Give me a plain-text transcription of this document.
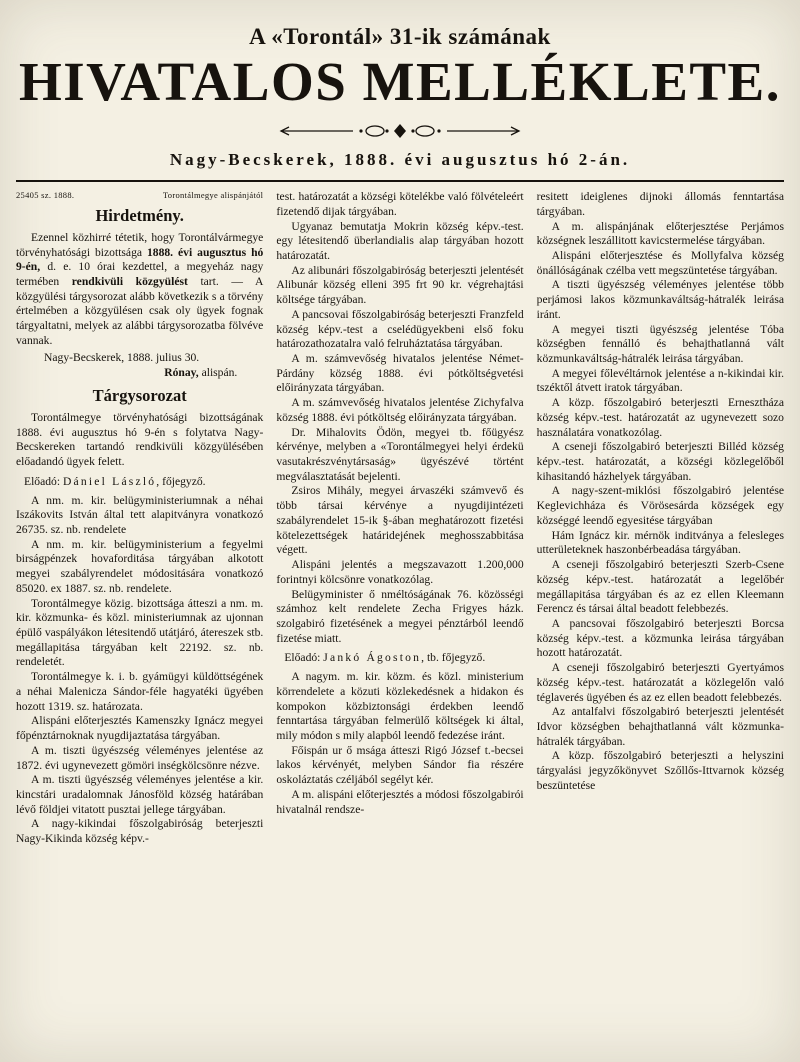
A «Torontál» 31-ik számának
HIVATALOS MELLÉKLETE.
Nagy-Becskerek, 1888. évi augusztus hó 2-án.
25405 sz. 1888.	Torontálmegye alispánjától
Hirdetmény.

Ezennel közhirré tétetik, hogy Torontálvármegye törvényhatósági bizottsága 1888. évi augusztus hó 9-én, d. e. 10 órai kezdettel, a megyeház nagy termében rendkivüli közgyülést tart. — A közgyülési tárgysorozat alább következik s a törvény értelmében a közgyülésen csak oly ügyek fognak tárgyaltatni, melyek az alábbi tárgysorozatba fölvéve vannak.

Nagy-Becskerek, 1888. julius 30.

Rónay, alispán.

Tárgysorozat

Torontálmegye törvényhatósági bizottságának 1888. évi augusztus hó 9-én s folytatva Nagy-Becskereken tartandó rendkivüli közgyülésében előadandó ügyek felett.

Előadó: Dániel László, főjegyző.

A nm. m. kir. belügyministeriumnak a néhai Iszákovits István által tett alapitványra vonatkozó 26735. sz. nb. rendelete

A nm. m. kir. belügyministerium a fegyelmi birságpénzek hovaforditása tárgyában alkotott megyei szabályrendelet módositására vonatkozó 85020. ex 1887. sz. nb. rendelete.

Torontálmegye közig. bizottsága átteszi a nm. m. kir. közmunka- és közl. ministeriumnak az ujonnan épülő vaspályákon létesitendő utátjáró, átereszek stb. megállapitása tárgyában kelt 22192. sz. nb. rendeletét.

Torontálmegye k. i. b. gyámügyi küldöttségének a néhai Malenicza Sándor-féle hagyatéki ügyében hozott 1319. sz. határozata.

Alispáni előterjesztés Kamenszky Ignácz megyei főpénztárnoknak nyugdijaztatása tárgyában.

A m. tiszti ügyészség véleményes jelentése az 1872. évi ugynevezett gömöri inségkölcsönre nézve.

A m. tiszti ügyészség véleményes jelentése a kir. kincstári uradalomnak Jánosföld község határában lévő földjei vitatott pusztai jellege tárgyában.

A nagy-kikindai főszolgabiróság beterjeszti Nagy-Kikinda község képv.-

test. határozatát a községi kötelékbe való fölvételeért fizetendő dijak tárgyában.

Ugyanaz bemutatja Mokrin község képv.-test. egy létesitendő überlandialis alap tárgyában hozott határozatát.

Az alibunári főszolgabiróság beterjeszti jelentését Alibunár község elleni 395 frt 90 kr. végrehajtási költsége tárgyában.

A pancsovai főszolgabiróság beterjeszti Franzfeld község képv.-test a cselédügyekbeni első foku határozathozatalra való felruháztatása tárgyában.

A m. számvevőség hivatalos jelentése Német-Párdány község 1888. évi pótköltségvetési előirányzata tárgyában.

A m. számvevőség hivatalos jelentése Zichyfalva község 1888. évi pótköltség előirányzata tárgyában.

Dr. Mihalovits Ödön, megyei tb. főügyész kérvénye, melyben a «Torontálmegyei helyi érdekü vasutakrészvénytársaság» ügyészévé történt megválasztatását bejelenti.

Zsiros Mihály, megyei árvaszéki számvevő és több társai kérvénye a nyugdijintézeti szabályrendelet 15-ik §-ában meghatározott fizetési kötelezettségek határidejének meghosszabbitása végett.

Alispáni jelentés a megszavazott 1.200,000 forintnyi kölcsönre vonatkozólag.

Belügyminister ő nméltóságának 76. közösségi számhoz kelt rendelete Zecha Frigyes házk. szolgabiró fizetésének a megyei pénztárból leendő fizetése miatt.

Előadó: Jankó Ágoston, tb. főjegyző.

A nagym. m. kir. közm. és közl. ministerium körrendelete a közuti közlekedésnek a hidakon és kompokon közbiztonsági érdekben leendő fenntartása tárgyában felmerülő költségek ki által, mily módon s mily alapból leendő fedezése iránt.

Főispán ur ő msága átteszi Rigó József t.-becsei lakos kérvényét, melyben Sándor fia részére oskoláztatás czéljából segélyt kér.

A m. alispáni előterjesztés a módosi főszolgabirói hivatalnál rendsze-

resitett ideiglenes dijnoki állomás fenntartása tárgyában.

A m. alispánjának előterjesztése Perjámos községnek leszállitott kavicstermelése tárgyában.

Alispáni előterjesztése és Mollyfalva község önállóságának czélba vett megszüntetése tárgyában.

A tiszti ügyészség véleményes jelentése több perjámosi lakos közmunkaváltság-hátralék leirása iránt.

A megyei tiszti ügyészség jelentése Tóba községben fennálló és behajthatlanná vált közmunkaváltság-hátralék leirása tárgyában.

A megyei főlevéltárnok jelentése a n-kikindai kir. tszéktől átvett iratok tárgyában.

A közp. főszolgabiró beterjeszti Ernesztháza község képv.-test. határozatát az ugynevezett sozo használatára vonatkozólag.

A cseneji főszolgabiró beterjeszti Billéd község képv.-test. határozatát, a községi közlegelőből kihasitandó házhelyek tárgyában.

A nagy-szent-miklósi főszolgabiró jelentése Keglevichháza és Vörösesárda községek egy községgé leendő egyesitése tárgyában

Hám Ignácz kir. mérnök inditványa a felesleges utterületeknek haszonbérbeadása tárgyában.

A cseneji főszolgabiró beterjeszti Szerb-Csene község képv.-test. határozatát a legelőbér megállapitása tárgyában és az ez ellen Kleemann Ferencz és társai által beadott felebbezés.

A pancsovai főszolgabiró beterjeszti Borcsa község képv.-test. a közmunka leirása tárgyában hozott határozatát.

A cseneji főszolgabiró beterjeszti Gyertyámos község képv.-test. határozatát a közlegelőn való téglaverés ügyében és az ez ellen beadott felebbezés.

Az antalfalvi főszolgabiró beterjeszti jelentését Idvor községben behajthatlanná vált közmunka-hátralék tárgyában.

A közp. főszolgabiró beterjeszti a helyszini tárgyalási jegyzőkönyvet Szőllős-Ittvarnok község beszüntetése
